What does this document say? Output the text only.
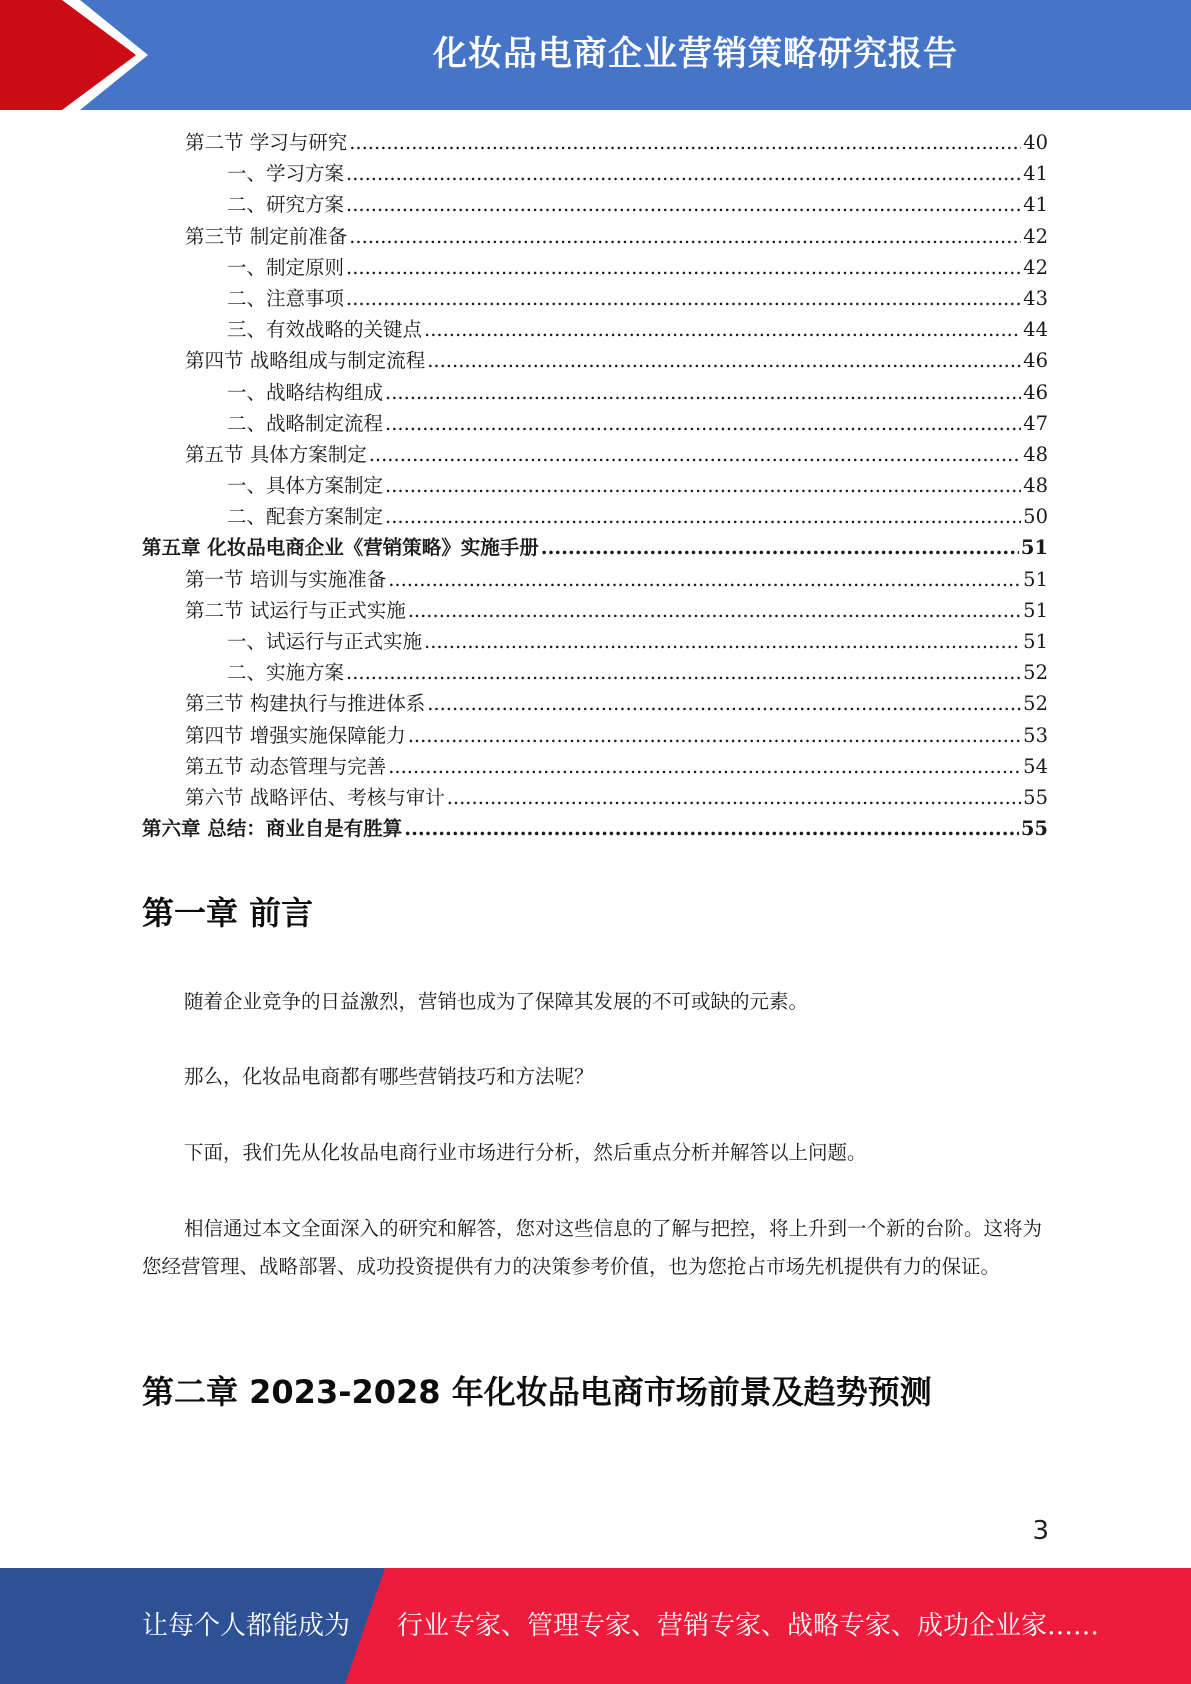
化妆品电商企业营销策略研究报告
第二节 学习与研究 .....	40
一、学习方案 .....	41
二、研究方案 .....	41
第三节 制定前准备 .....	42
一、制定原则 .....	42
二、注意事项 .....	43
三、有效战略的关键点 .....	44
第四节 战略组成与制定流程 .....	46
一、战略结构组成 .....	46
二、战略制定流程 .....	47
第五节 具体方案制定 .....	48
一、具体方案制定 .....	48
二、配套方案制定 .....	50
第五章 化妆品电商企业《营销策略》实施手册 .....	51
第一节 培训与实施准备 .....	51
第二节 试运行与正式实施 .....	51
一、试运行与正式实施 .....	51
二、实施方案 .....	52
第三节 构建执行与推进体系 .....	52
第四节 增强实施保障能力 .....	53
第五节 动态管理与完善 .....	54
第六节 战略评估、考核与审计 .....	55
第六章 总结：商业自是有胜算 .....	55
第一章 前言
随着企业竞争的日益激烈，营销也成为了保障其发展的不可或缺的元素。
那么，化妆品电商都有哪些营销技巧和方法呢？
下面，我们先从化妆品电商行业市场进行分析，然后重点分析并解答以上问题。
相信通过本文全面深入的研究和解答，您对这些信息的了解与把控，将上升到一个新的台阶。这将为您经营管理、战略部署、成功投资提供有力的决策参考价值，也为您抢占市场先机提供有力的保证。
第二章 2023-2028 年化妆品电商市场前景及趋势预测
3
让每个人都能成为 行业专家、管理专家、营销专家、战略专家、成功企业家……
